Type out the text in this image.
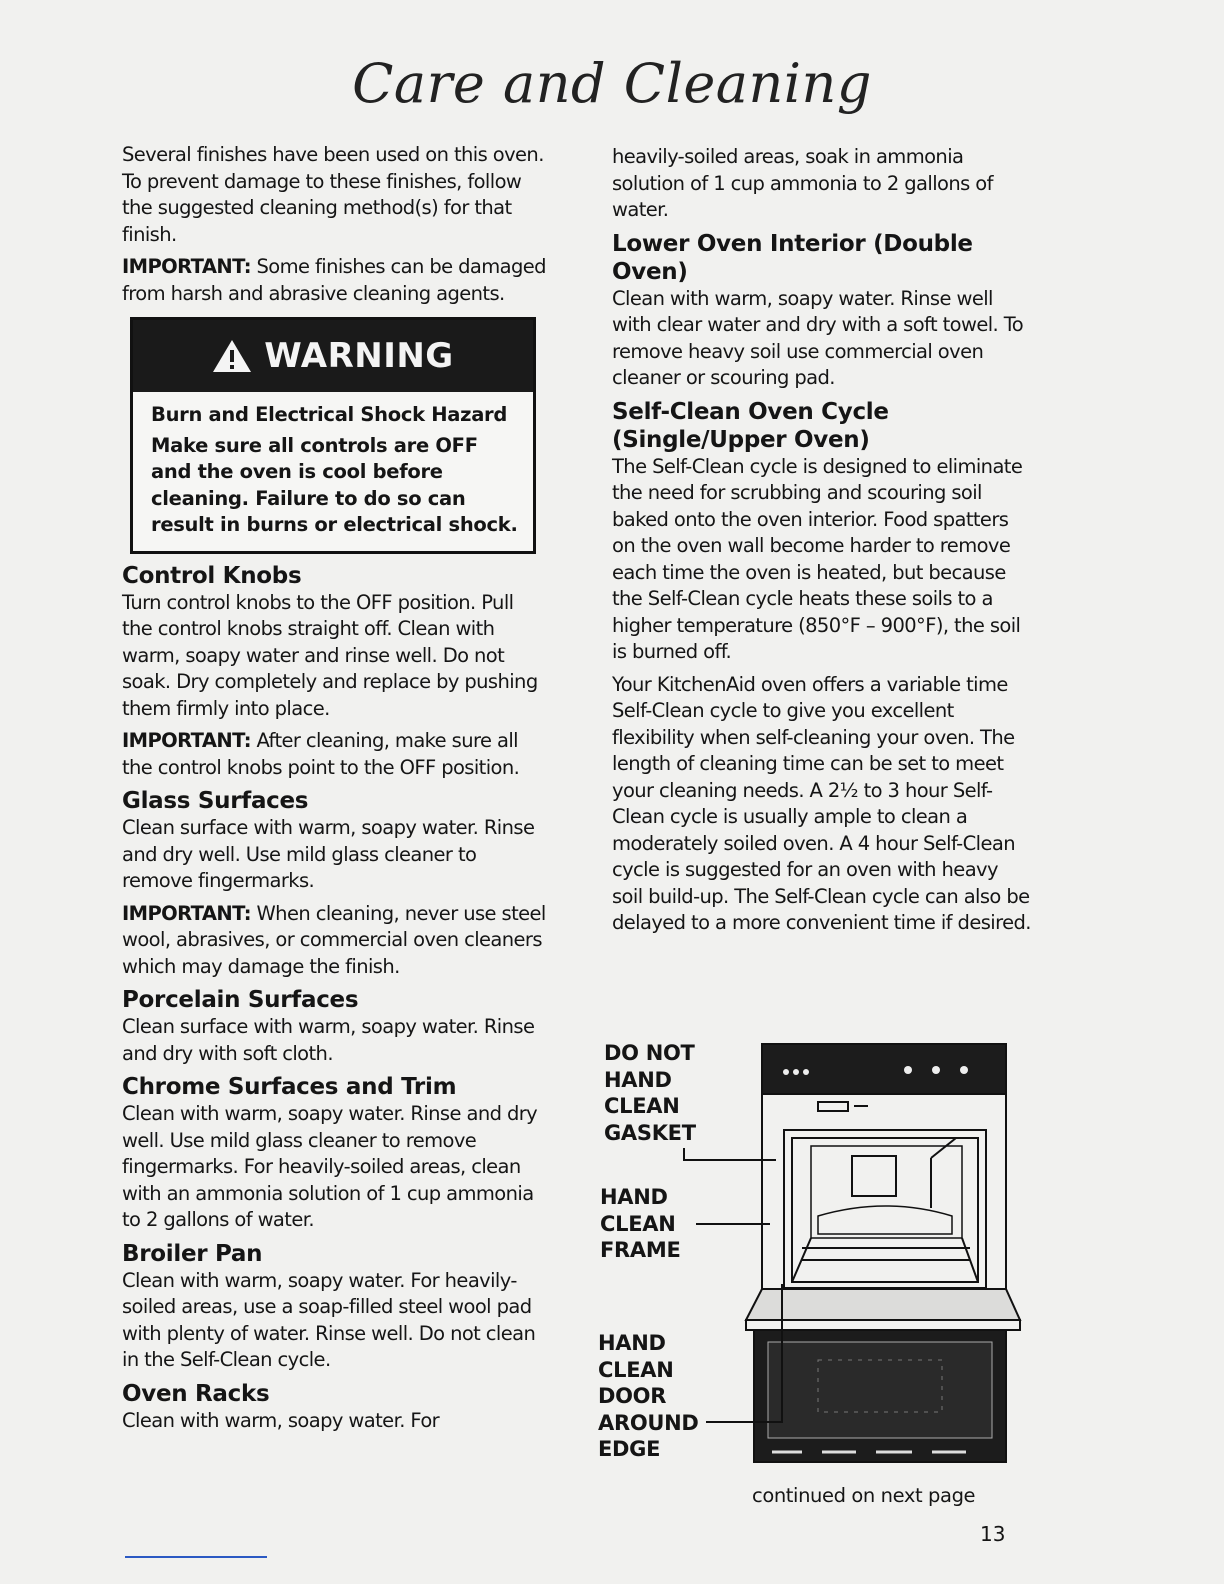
Care and Cleaning

Several finishes have been used on this oven. To prevent damage to these finishes, follow the suggested cleaning method(s) for that finish.

IMPORTANT: Some finishes can be damaged from harsh and abrasive cleaning agents.

WARNING

Burn and Electrical Shock Hazard

Make sure all controls are OFF and the oven is cool before cleaning. Failure to do so can result in burns or electrical shock.

Control Knobs

Turn control knobs to the OFF position. Pull the control knobs straight off. Clean with warm, soapy water and rinse well. Do not soak. Dry completely and replace by pushing them firmly into place.

IMPORTANT: After cleaning, make sure all the control knobs point to the OFF position.

Glass Surfaces

Clean surface with warm, soapy water. Rinse and dry well. Use mild glass cleaner to remove fingermarks.

IMPORTANT: When cleaning, never use steel wool, abrasives, or commercial oven cleaners which may damage the finish.

Porcelain Surfaces

Clean surface with warm, soapy water. Rinse and dry with soft cloth.

Chrome Surfaces and Trim

Clean with warm, soapy water. Rinse and dry well. Use mild glass cleaner to remove fingermarks. For heavily-soiled areas, clean with an ammonia solution of 1 cup ammonia to 2 gallons of water.

Broiler Pan

Clean with warm, soapy water. For heavily-soiled areas, use a soap-filled steel wool pad with plenty of water. Rinse well. Do not clean in the Self-Clean cycle.

Oven Racks

Clean with warm, soapy water. For

heavily-soiled areas, soak in ammonia solution of 1 cup ammonia to 2 gallons of water.

Lower Oven Interior (Double Oven)

Clean with warm, soapy water. Rinse well with clear water and dry with a soft towel. To remove heavy soil use commercial oven cleaner or scouring pad.

Self-Clean Oven Cycle (Single/Upper Oven)

The Self-Clean cycle is designed to eliminate the need for scrubbing and scouring soil baked onto the oven interior. Food spatters on the oven wall become harder to remove each time the oven is heated, but because the Self-Clean cycle heats these soils to a higher temperature (850°F – 900°F), the soil is burned off.

Your KitchenAid oven offers a variable time Self-Clean cycle to give you excellent flexibility when self-cleaning your oven. The length of cleaning time can be set to meet your cleaning needs. A 2½ to 3 hour Self-Clean cycle is usually ample to clean a moderately soiled oven. A 4 hour Self-Clean cycle is suggested for an oven with heavy soil build-up. The Self-Clean cycle can also be delayed to a more convenient time if desired.

DO NOT
HAND
CLEAN
GASKET
HAND
CLEAN
FRAME
HAND
CLEAN
DOOR
AROUND
EDGE
continued on next page
13
